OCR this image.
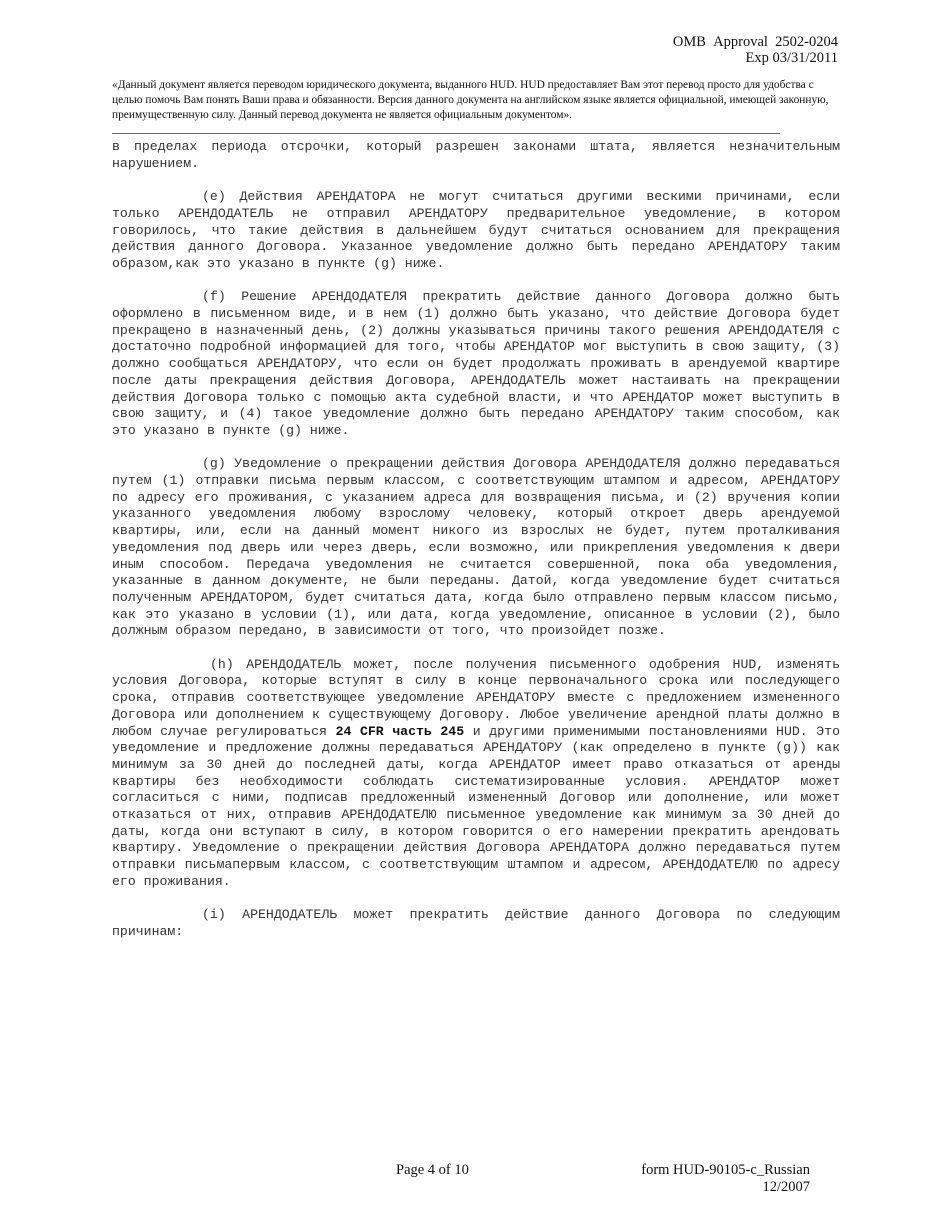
OMB Approval 2502-0204
Exp 03/31/2011
«Данный документ является переводом юридического документа, выданного HUD. HUD предоставляет Вам этот перевод просто для удобства с целью помочь Вам понять Ваши права и обязанности. Версия данного документа на английском языке является официальной, имеющей законную, преимущественную силу. Данный перевод документа не является официальным документом».

в пределах периода отсрочки, который разрешен законами штата, является незначительным нарушением.

(e) Действия АРЕНДАТОРА не могут считаться другими вескими причинами, если только АРЕНДОДАТЕЛЬ не отправил АРЕНДАТОРУ предварительное уведомление, в котором говорилось, что такие действия в дальнейшем будут считаться основанием для прекращения действия данного Договора. Указанное уведомление должно быть передано АРЕНДАТОРУ таким образом,как это указано в пункте (g) ниже.

(f) Решение АРЕНДОДАТЕЛЯ прекратить действие данного Договора должно быть оформлено в письменном виде, и в нем (1) должно быть указано, что действие Договора будет прекращено в назначенный день, (2) должны указываться причины такого решения АРЕНДОДАТЕЛЯ с достаточно подробной информацией для того, чтобы АРЕНДАТОР мог выступить в свою защиту, (3) должно сообщаться АРЕНДАТОРУ, что если он будет продолжать проживать в арендуемой квартире после даты прекращения действия Договора, АРЕНДОДАТЕЛЬ может настаивать на прекращении действия Договора только с помощью акта судебной власти, и что АРЕНДАТОР может выступить в свою защиту, и (4) такое уведомление должно быть передано АРЕНДАТОРУ таким способом, как это указано в пункте (g) ниже.

(g) Уведомление о прекращении действия Договора АРЕНДОДАТЕЛЯ должно передаваться путем (1) отправки письма первым классом, с соответствующим штампом и адресом, АРЕНДАТОРУ по адресу его проживания, с указанием адреса для возвращения письма, и (2) вручения копии указанного уведомления любому взрослому человеку, который откроет дверь арендуемой квартиры, или, если на данный момент никого из взрослых не будет, путем проталкивания уведомления под дверь или через дверь, если возможно, или прикрепления уведомления к двери иным способом. Передача уведомления не считается совершенной, пока оба уведомления, указанные в данном документе, не были переданы. Датой, когда уведомление будет считаться полученным АРЕНДАТОРОМ, будет считаться дата, когда было отправлено первым классом письмо, как это указано в условии (1), или дата, когда уведомление, описанное в условии (2), было должным образом передано, в зависимости от того, что произойдет позже.

(h) АРЕНДОДАТЕЛЬ может, после получения письменного одобрения HUD, изменять условия Договора, которые вступят в силу в конце первоначального срока или последующего срока, отправив соответствующее уведомление АРЕНДАТОРУ вместе с предложением измененного Договора или дополнением к существующему Договору. Любое увеличение арендной платы должно в любом случае регулироваться 24 CFR часть 245 и другими применимыми постановлениями HUD. Это уведомление и предложение должны передаваться АРЕНДАТОРУ (как определено в пункте (g)) как минимум за 30 дней до последней даты, когда АРЕНДАТОР имеет право отказаться от аренды квартиры без необходимости соблюдать систематизированные условия. АРЕНДАТОР может согласиться с ними, подписав предложенный измененный Договор или дополнение, или может отказаться от них, отправив АРЕНДОДАТЕЛЮ письменное уведомление как минимум за 30 дней до даты, когда они вступают в силу, в котором говорится о его намерении прекратить арендовать квартиру. Уведомление о прекращении действия Договора АРЕНДАТОРА должно передаваться путем отправки письмапервым классом, с соответствующим штампом и адресом, АРЕНДОДАТЕЛЮ по адресу его проживания.

(i) АРЕНДОДАТЕЛЬ может прекратить действие данного Договора по следующим причинам:

Page 4 of 10	form HUD-90105-c_Russian
12/2007
